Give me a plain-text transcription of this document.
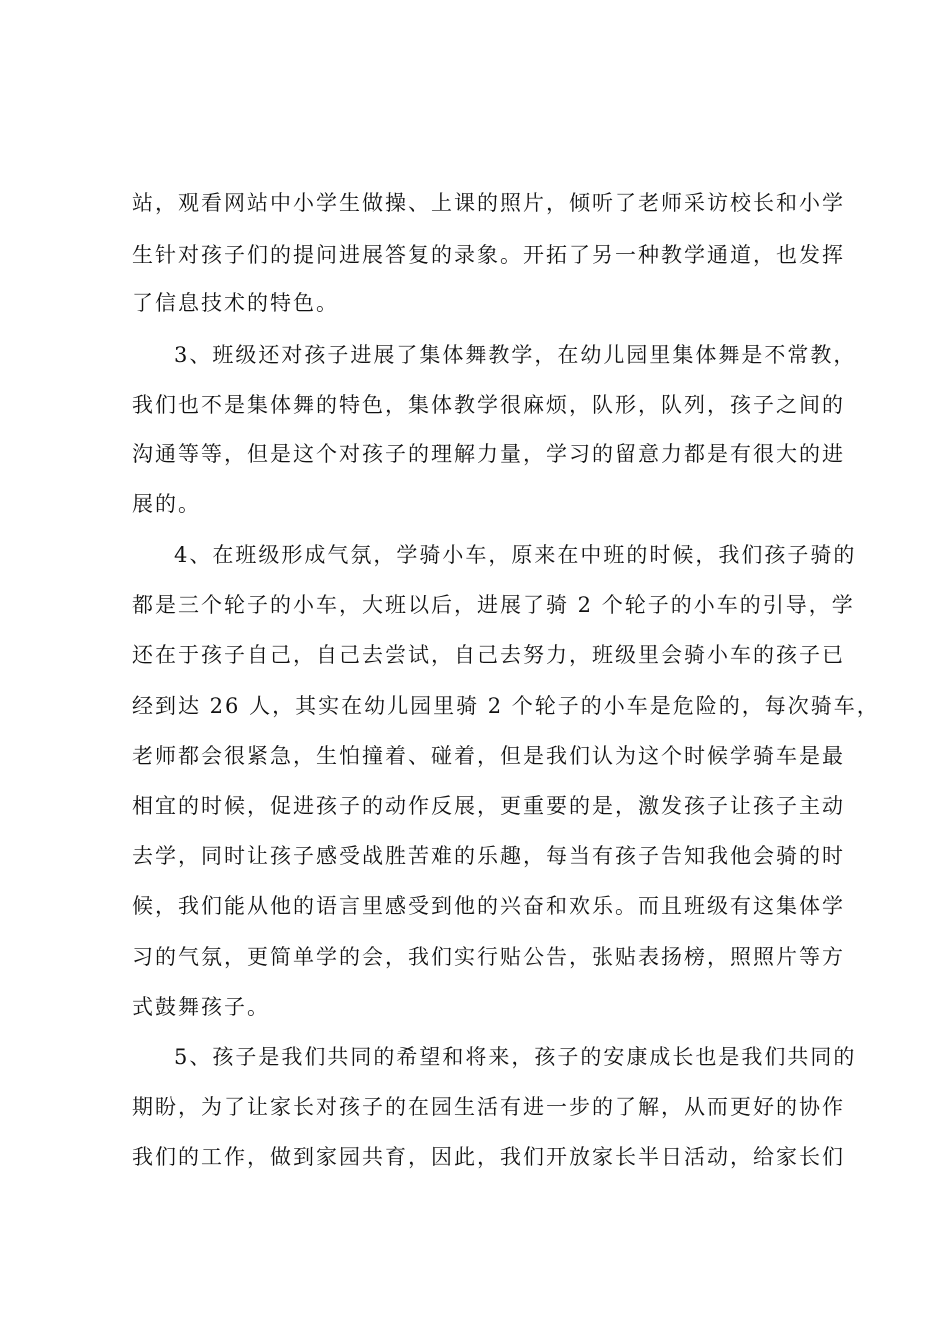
站，观看网站中小学生做操、上课的照片，倾听了老师采访校长和小学
生针对孩子们的提问进展答复的录象。开拓了另一种教学通道，也发挥
了信息技术的特色。
3、班级还对孩子进展了集体舞教学，在幼儿园里集体舞是不常教，
我们也不是集体舞的特色，集体教学很麻烦，队形，队列，孩子之间的
沟通等等，但是这个对孩子的理解力量，学习的留意力都是有很大的进
展的。
4、在班级形成气氛，学骑小车，原来在中班的时候，我们孩子骑的
都是三个轮子的小车，大班以后，进展了骑 2 个轮子的小车的引导，学
还在于孩子自己，自己去尝试，自己去努力，班级里会骑小车的孩子已
经到达 26 人，其实在幼儿园里骑 2 个轮子的小车是危险的，每次骑车，
老师都会很紧急，生怕撞着、碰着，但是我们认为这个时候学骑车是最
相宜的时候，促进孩子的动作反展，更重要的是，激发孩子让孩子主动
去学，同时让孩子感受战胜苦难的乐趣，每当有孩子告知我他会骑的时
候，我们能从他的语言里感受到他的兴奋和欢乐。而且班级有这集体学
习的气氛，更简单学的会，我们实行贴公告，张贴表扬榜，照照片等方
式鼓舞孩子。
5、孩子是我们共同的希望和将来，孩子的安康成长也是我们共同的
期盼，为了让家长对孩子的在园生活有进一步的了解，从而更好的协作
我们的工作，做到家园共育，因此，我们开放家长半日活动，给家长们
